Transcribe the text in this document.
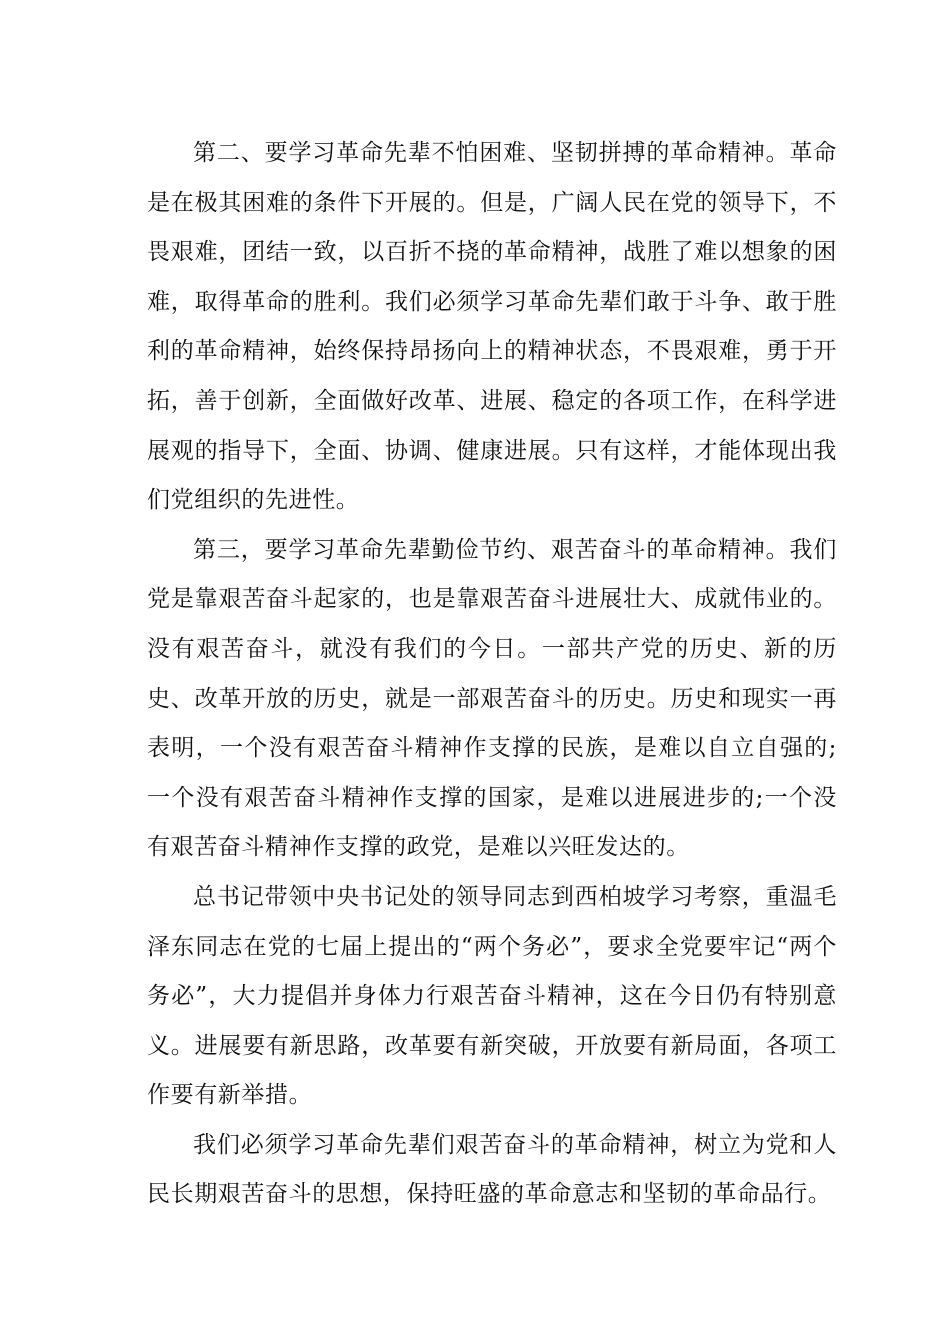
第二、要学习革命先辈不怕困难、坚韧拼搏的革命精神。革命是在极其困难的条件下开展的。但是，广阔人民在党的领导下，不畏艰难，团结一致，以百折不挠的革命精神，战胜了难以想象的困难，取得革命的胜利。我们必须学习革命先辈们敢于斗争、敢于胜利的革命精神，始终保持昂扬向上的精神状态，不畏艰难，勇于开拓，善于创新，全面做好改革、进展、稳定的各项工作，在科学进展观的指导下，全面、协调、健康进展。只有这样，才能体现出我们党组织的先进性。

第三，要学习革命先辈勤俭节约、艰苦奋斗的革命精神。我们党是靠艰苦奋斗起家的，也是靠艰苦奋斗进展壮大、成就伟业的。没有艰苦奋斗，就没有我们的今日。一部共产党的历史、新的历史、改革开放的历史，就是一部艰苦奋斗的历史。历史和现实一再表明，一个没有艰苦奋斗精神作支撑的民族，是难以自立自强的;一个没有艰苦奋斗精神作支撑的国家，是难以进展进步的;一个没有艰苦奋斗精神作支撑的政党，是难以兴旺发达的。

总书记带领中央书记处的领导同志到西柏坡学习考察，重温毛泽东同志在党的七届上提出的“两个务必”，要求全党要牢记“两个务必”，大力提倡并身体力行艰苦奋斗精神，这在今日仍有特别意义。进展要有新思路，改革要有新突破，开放要有新局面，各项工作要有新举措。

我们必须学习革命先辈们艰苦奋斗的革命精神，树立为党和人民长期艰苦奋斗的思想，保持旺盛的革命意志和坚韧的革命品行。
